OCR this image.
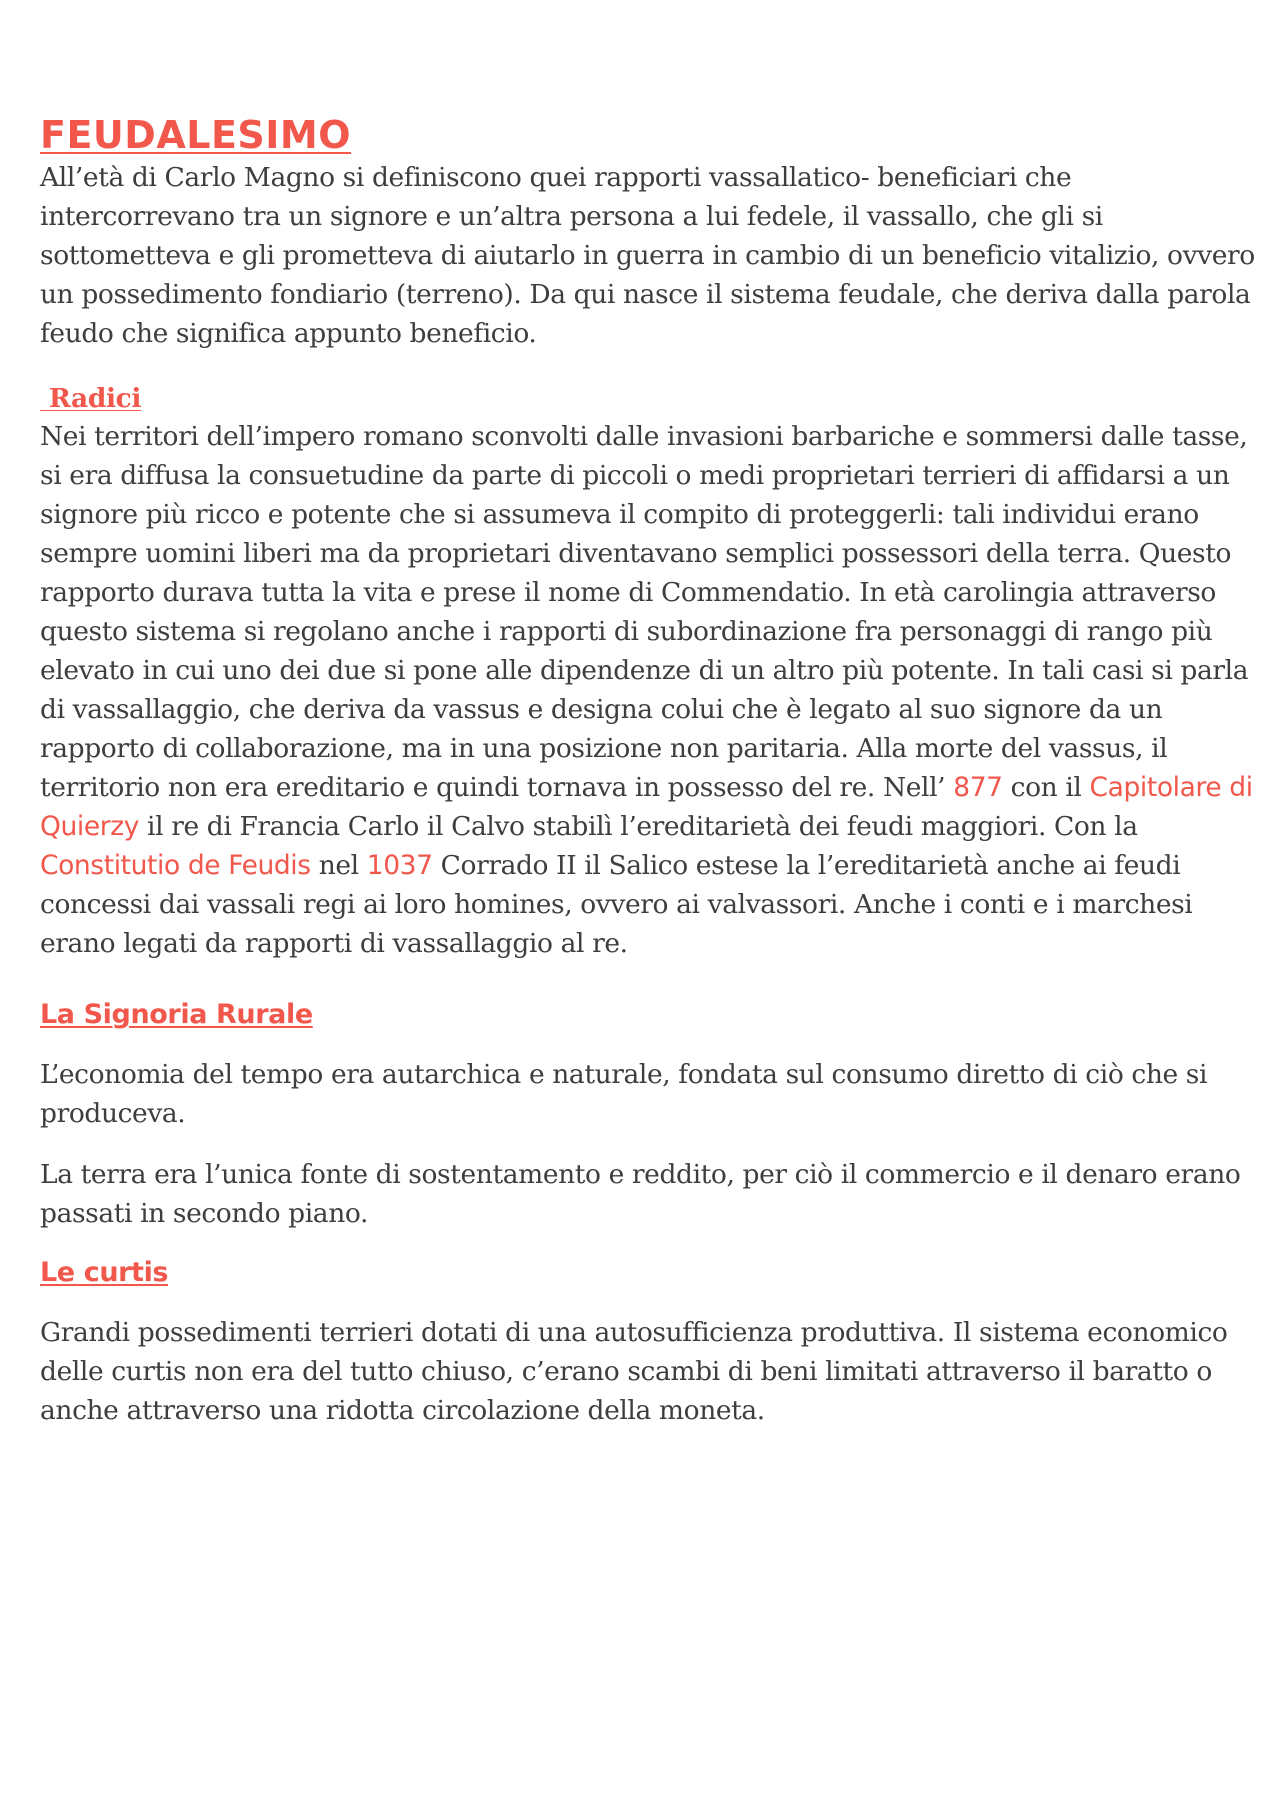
FEUDALESIMO

All’età di Carlo Magno si definiscono quei rapporti vassallatico- beneficiari che intercorrevano tra un signore e un’altra persona a lui fedele, il vassallo, che gli si sottometteva e gli prometteva di aiutarlo in guerra in cambio di un beneficio vitalizio, ovvero un possedimento fondiario (terreno). Da qui nasce il sistema feudale, che deriva dalla parola feudo che significa appunto beneficio.

Radici

Nei territori dell’impero romano sconvolti dalle invasioni barbariche e sommersi dalle tasse, si era diffusa la consuetudine da parte di piccoli o medi proprietari terrieri di affidarsi a un signore più ricco e potente che si assumeva il compito di proteggerli: tali individui erano sempre uomini liberi ma da proprietari diventavano semplici possessori della terra. Questo rapporto durava tutta la vita e prese il nome di Commendatio. In età carolingia attraverso questo sistema si regolano anche i rapporti di subordinazione fra personaggi di rango più elevato in cui uno dei due si pone alle dipendenze di un altro più potente. In tali casi si parla di vassallaggio, che deriva da vassus e designa colui che è legato al suo signore da un rapporto di collaborazione, ma in una posizione non paritaria. Alla morte del vassus, il territorio non era ereditario e quindi tornava in possesso del re. Nell’ 877 con il Capitolare di Quierzy il re di Francia Carlo il Calvo stabilì l’ereditarietà dei feudi maggiori. Con la Constitutio de Feudis nel 1037 Corrado II il Salico estese la l’ereditarietà anche ai feudi concessi dai vassali regi ai loro homines, ovvero ai valvassori. Anche i conti e i marchesi erano legati da rapporti di vassallaggio al re.

La Signoria Rurale

L’economia del tempo era autarchica e naturale, fondata sul consumo diretto di ciò che si produceva.

La terra era l’unica fonte di sostentamento e reddito, per ciò il commercio e il denaro erano passati in secondo piano.

Le curtis

Grandi possedimenti terrieri dotati di una autosufficienza produttiva. Il sistema economico delle curtis non era del tutto chiuso, c’erano scambi di beni limitati attraverso il baratto o anche attraverso una ridotta circolazione della moneta.
